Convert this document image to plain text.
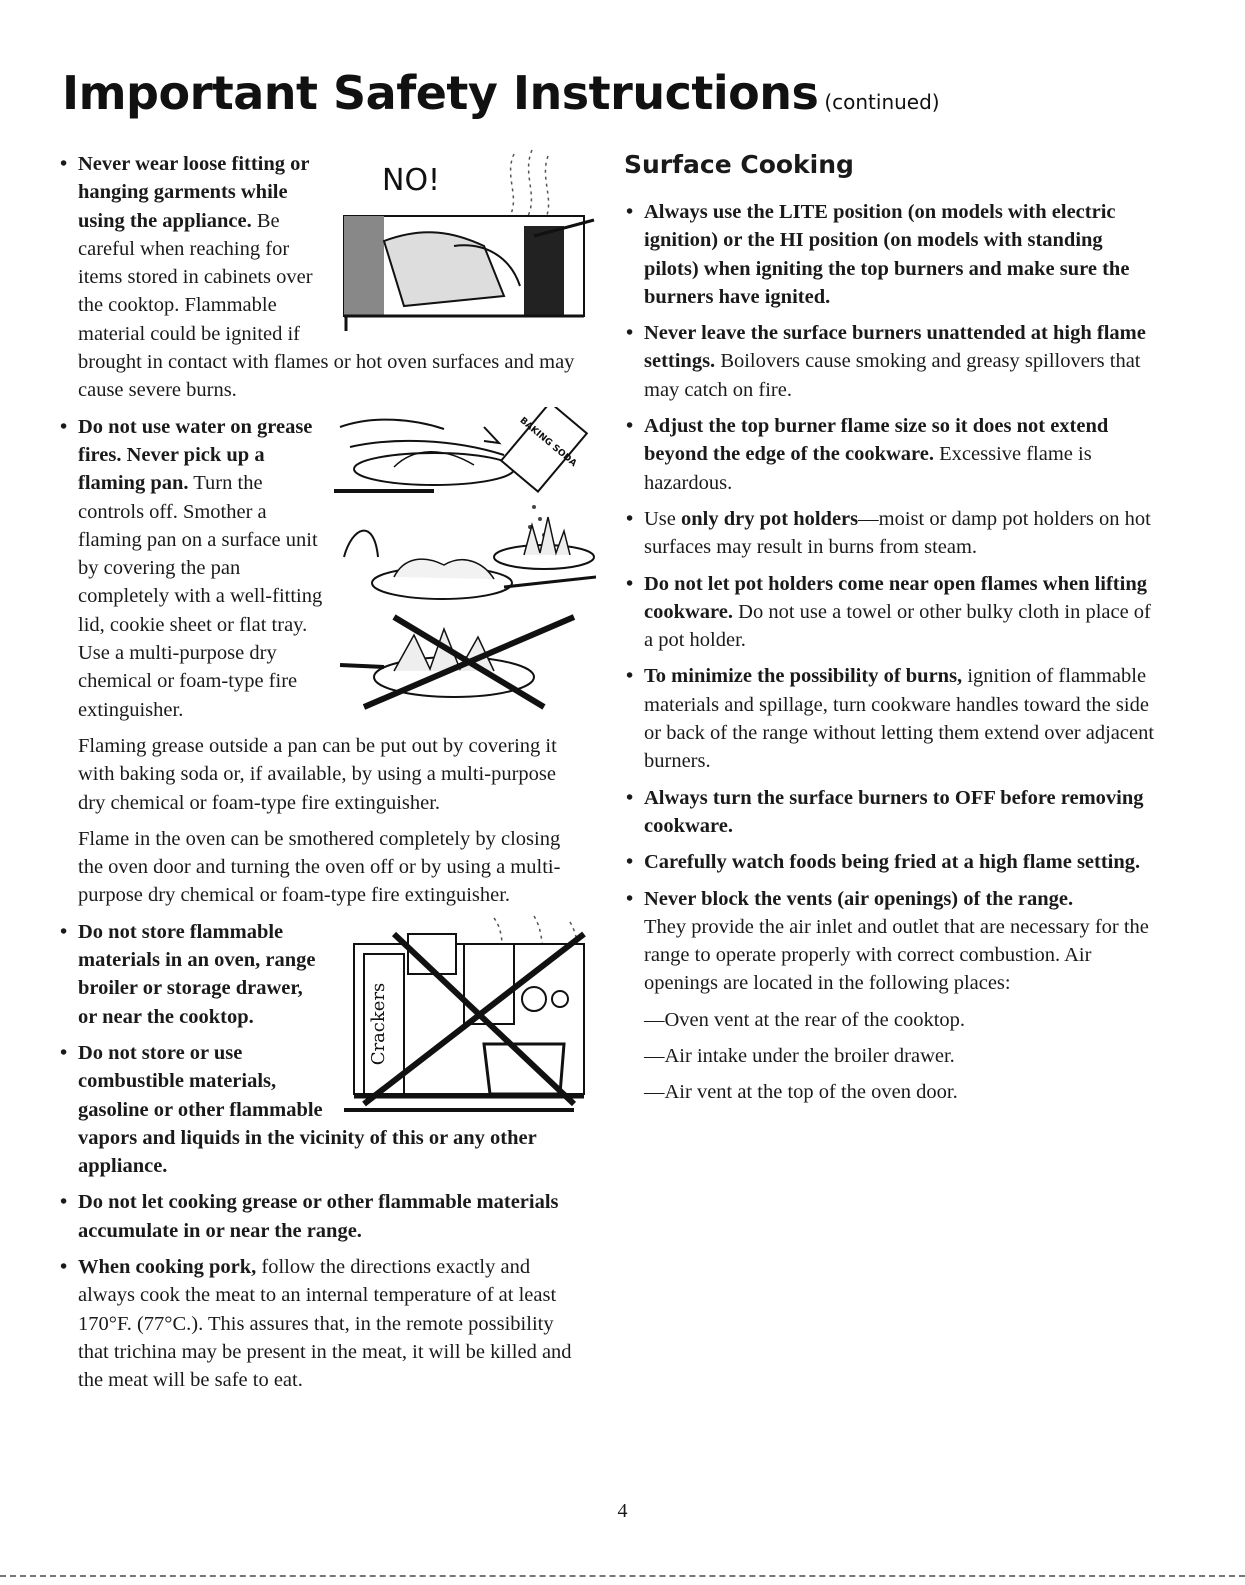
Important Safety Instructions (continued)
•	NO!
Never wear loose fitting or hanging garments while using the appliance. Be careful when reaching for items stored in cabinets over the cooktop. Flammable material could be ignited if brought in contact with flames or hot oven surfaces and may cause severe burns.
•	BAKING SODA
Do not use water on grease fires. Never pick up a flaming pan. Turn the controls off. Smother a flaming pan on a surface unit by covering the pan completely with a well-fitting lid, cookie sheet or flat tray. Use a multi-purpose dry chemical or foam-type fire extinguisher.

Flaming grease outside a pan can be put out by covering it with baking soda or, if available, by using a multi-purpose dry chemical or foam-type fire extinguisher.

Flame in the oven can be smothered completely by closing the oven door and turning the oven off or by using a multi-purpose dry chemical or foam-type fire extinguisher.

•
Crackers
Do not store flammable materials in an oven, range broiler or storage drawer, or near the cooktop.
• Do not store or use combustible materials, gasoline or other flammable vapors and liquids in the vicinity of this or any other appliance.
• Do not let cooking grease or other flammable materials accumulate in or near the range.
• When cooking pork, follow the directions exactly and always cook the meat to an internal temperature of at least 170°F. (77°C.). This assures that, in the remote possibility that trichina may be present in the meat, it will be killed and the meat will be safe to eat.
Surface Cooking
• Always use the LITE position (on models with electric ignition) or the HI position (on models with standing pilots) when igniting the top burners and make sure the burners have ignited.
• Never leave the surface burners unattended at high flame settings. Boilovers cause smoking and greasy spillovers that may catch on fire.
• Adjust the top burner flame size so it does not extend beyond the edge of the cookware. Excessive flame is hazardous.
• Use only dry pot holders—moist or damp pot holders on hot surfaces may result in burns from steam.
• Do not let pot holders come near open flames when lifting cookware. Do not use a towel or other bulky cloth in place of a pot holder.
• To minimize the possibility of burns, ignition of flammable materials and spillage, turn cookware handles toward the side or back of the range without letting them extend over adjacent burners.
• Always turn the surface burners to OFF before removing cookware.
• Carefully watch foods being fried at a high flame setting.
• Never block the vents (air openings) of the range.
They provide the air inlet and outlet that are necessary for the range to operate properly with correct combustion. Air openings are located in the following places:
—Oven vent at the rear of the cooktop.
—Air intake under the broiler drawer.
—Air vent at the top of the oven door.
4
